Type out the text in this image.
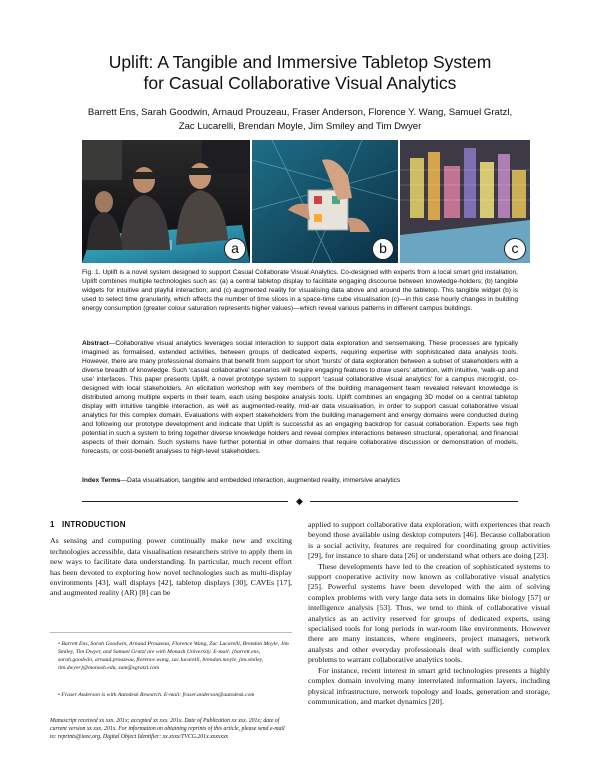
Uplift: A Tangible and Immersive Tabletop System
for Casual Collaborative Visual Analytics
Barrett Ens, Sarah Goodwin, Arnaud Prouzeau, Fraser Anderson, Florence Y. Wang, Samuel Gratzl,
Zac Lucarelli, Brendan Moyle, Jim Smiley and Tim Dwyer
a	b	c
Fig. 1. Uplift is a novel system designed to support Casual Collaborate Visual Analytics. Co-designed with experts from a local smart grid installation, Uplift combines multiple technologies such as: (a) a central tabletop display to facilitate engaging discourse between knowledge-holders; (b) tangible widgets for intuitive and playful interaction; and (c) augmented reality for visualising data above and around the tabletop. This tangible widget (b) is used to select time granularity, which affects the number of time slices in a space-time cube visualisation (c)—in this case hourly changes in building energy consumption (greater colour saturation represents higher values)—which reveal various patterns in different campus buildings.
Abstract—Collaborative visual analytics leverages social interaction to support data exploration and sensemaking. These processes are typically imagined as formalised, extended activities, between groups of dedicated experts, requiring expertise with sophisticated data analysis tools. However, there are many professional domains that benefit from support for short ‘bursts’ of data exploration between a subset of stakeholders with a diverse breadth of knowledge. Such ‘casual collaborative’ scenarios will require engaging features to draw users’ attention, with intuitive, ‘walk-up and use’ interfaces. This paper presents Uplift, a novel prototype system to support ‘casual collaborative visual analytics’ for a campus microgrid, co-designed with local stakeholders. An elicitation workshop with key members of the building management team revealed relevant knowledge is distributed among multiple experts in their team, each using bespoke analysis tools. Uplift combines an engaging 3D model on a central tabletop display with intuitive tangible interaction, as well as augmented-reality, mid-air data visualisation, in order to support casual collaborative visual analytics for this complex domain. Evaluations with expert stakeholders from the building management and energy domains were conducted during and following our prototype development and indicate that Uplift is successful as an engaging backdrop for casual collaboration. Experts see high potential in such a system to bring together diverse knowledge holders and reveal complex interactions between structural, operational, and financial aspects of their domain. Such systems have further potential in other domains that require collaborative discussion or demonstration of models, forecasts, or cost-benefit analyses to high-level stakeholders.
Index Terms—Data visualisation, tangible and embedded interaction, augmented reality, immersive analytics
◆

1 INTRODUCTION

As sensing and computing power continually make new and exciting technologies accessible, data visualisation researchers strive to apply them in new ways to facilitate data understanding. In particular, much recent effort has been devoted to exploring how novel technologies such as multi-display environments [43], wall displays [42], tabletop displays [30], CAVEs [17], and augmented reality (AR) [8] can be

• Barrett Ens, Sarah Goodwin, Arnaud Prouzeau, Florence Wang, Zac Lucarelli, Brendan Moyle, Jim Smiley, Tim Dwyer, and Samuel Gratzl are with Monash University. E-mail: {barrett.ens, sarah.goodwin, arnaud.prouzeau, florence.wang, zac.lucarelli, brendan.moyle, jim.smiley, tim.dwyer}@monash.edu, sam@sgratzl.com
• Fraser Anderson is with Autodesk Research. E-mail: fraser.anderson@autodesk.com
Manuscript received xx xxx. 201x; accepted xx xxx. 201x. Date of Publication xx xxx. 201x; date of current version xx xxx. 201x. For information on obtaining reprints of this article, please send e-mail to: reprints@ieee.org. Digital Object Identifier: xx.xxxx/TVCG.201x.xxxxxxx

applied to support collaborative data exploration, with experiences that reach beyond those available using desktop computers [46]. Because collaboration is a social activity, features are required for coordinating group activities [29], for instance to share data [26] or understand what others are doing [23].

These developments have led to the creation of sophisticated systems to support cooperative activity now known as collaborative visual analytics [25]. Powerful systems have been developed with the aim of solving complex problems with very large data sets in domains like biology [57] or intelligence analysis [53]. Thus, we tend to think of collaborative visual analytics as an activity reserved for groups of dedicated experts, using specialised tools for long periods in war-room like environments. However there are many instances, where engineers, project managers, network analysts and other everyday professionals deal with sufficiently complex problems to warrant collaborative analytics tools.

For instance, recent interest in smart grid technologies presents a highly complex domain involving many interrelated information layers, including physical infrastructure, network topology and loads, generation and storage, communication, and market dynamics [20].
